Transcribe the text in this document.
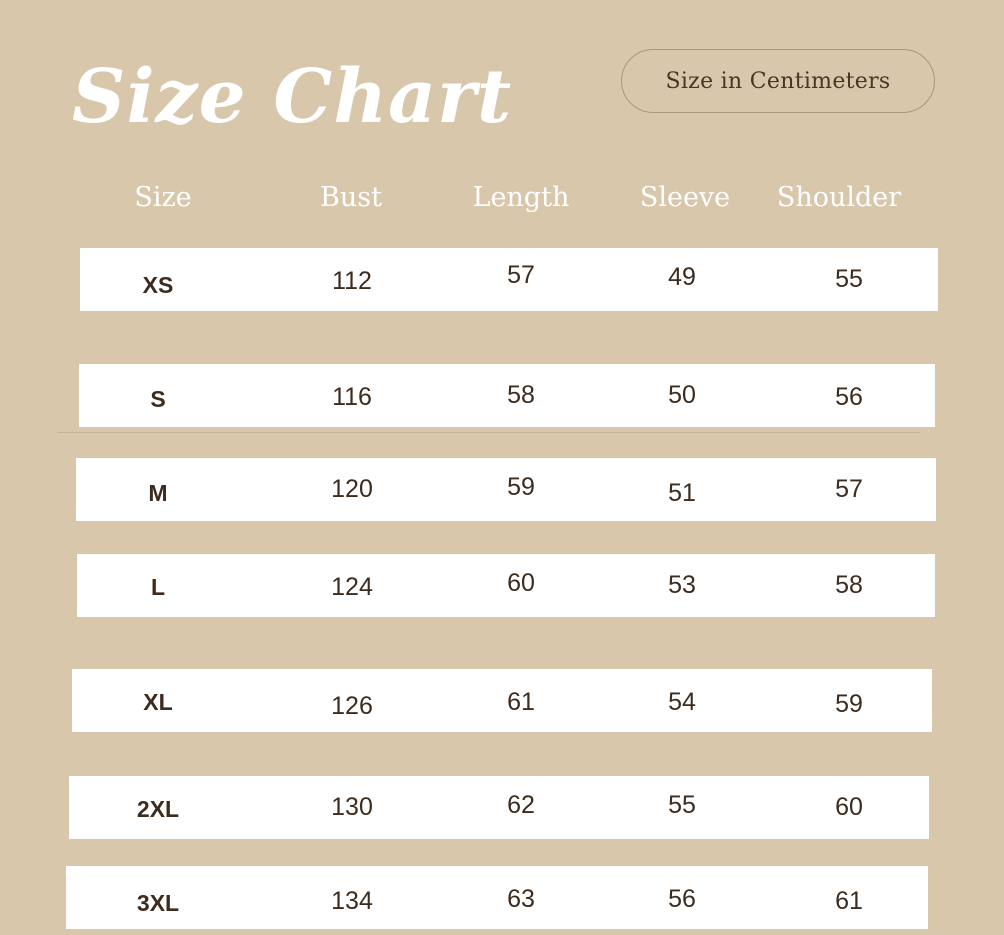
Size Chart	Size in Centimeters
Size	Bust	Length	Sleeve	Shoulder
XS	112	57	49	55
S	116	58	50	56
M	120	59	51	57
L	124	60	53	58
XL	126	61	54	59
2XL	130	62	55	60
3XL	134	63	56	61
